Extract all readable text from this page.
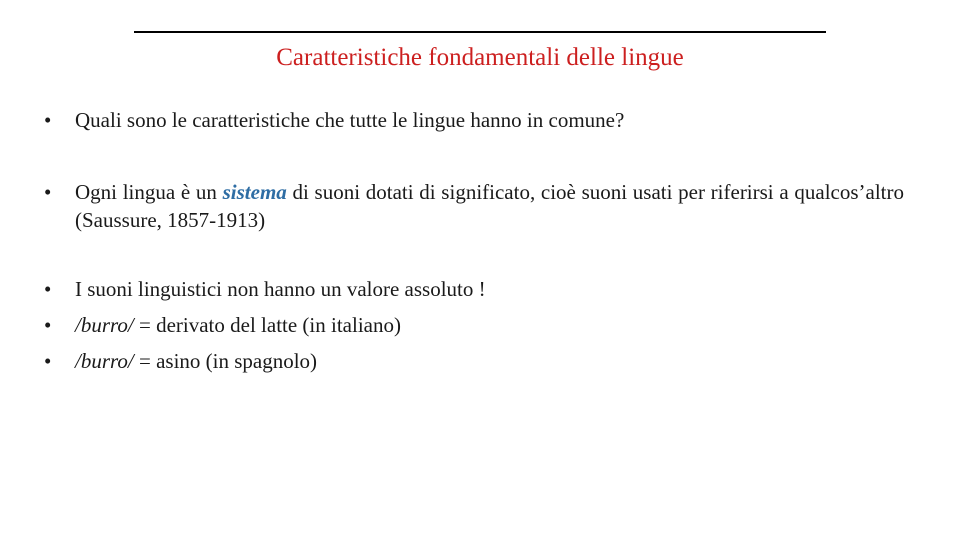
Caratteristiche fondamentali delle lingue
• Quali sono le caratteristiche che tutte le lingue hanno in comune?
• Ogni lingua è un sistema di suoni dotati di significato, cioè suoni usati per riferirsi a qualcos’altro (Saussure, 1857-1913)
• I suoni linguistici non hanno un valore assoluto !
• /burro/ = derivato del latte (in italiano)
• /burro/ = asino (in spagnolo)
